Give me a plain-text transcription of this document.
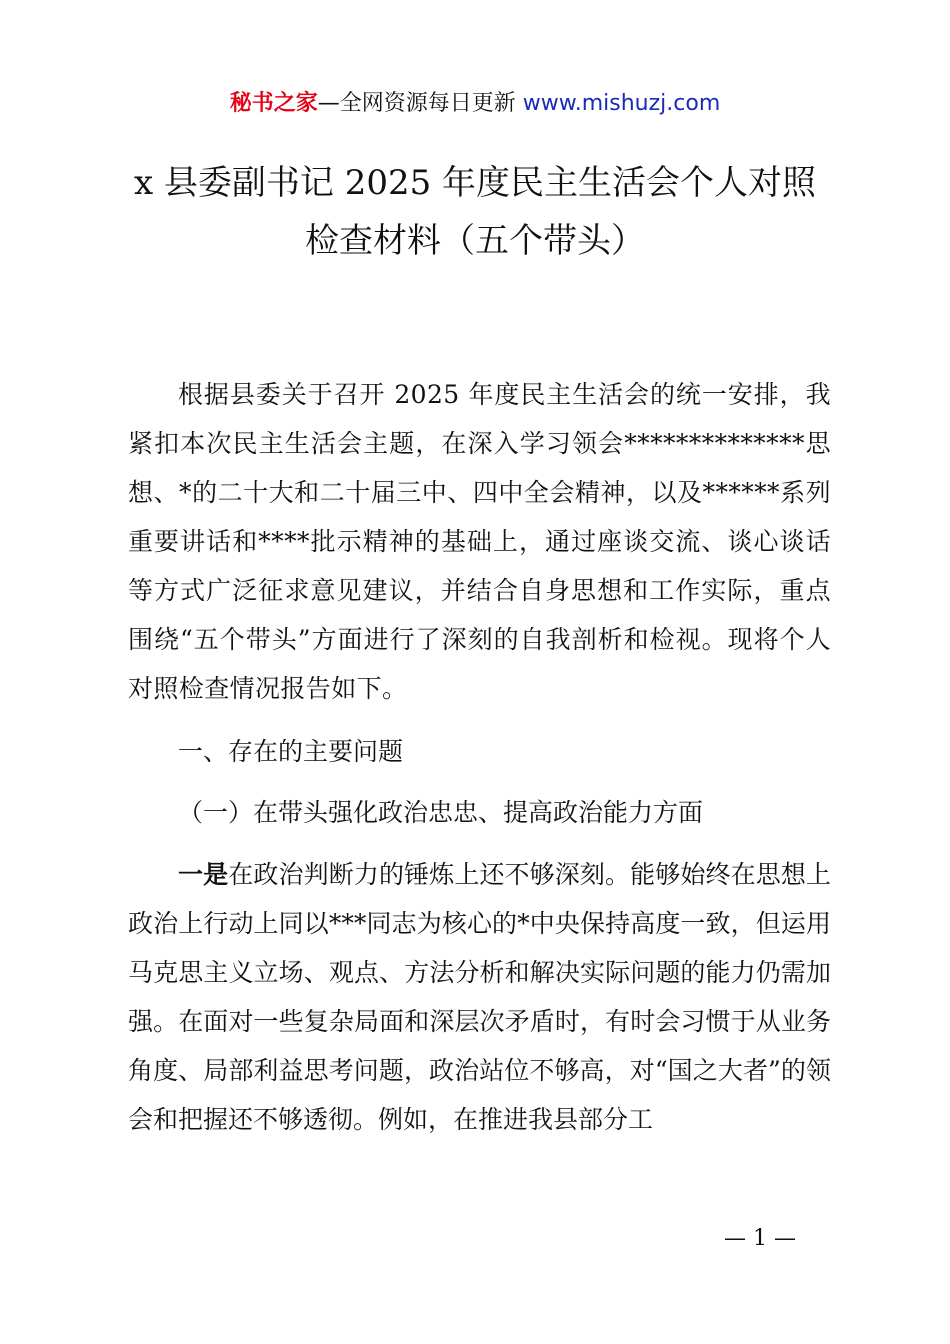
秘书之家—全网资源每日更新 www.mishuzj.com
x 县委副书记 2025 年度民主生活会个人对照
检查材料（五个带头）

根据县委关于召开 2025 年度民主生活会的统一安排，我紧扣本次民主生活会主题，在深入学习领会**************思想、*的二十大和二十届三中、四中全会精神，以及******系列重要讲话和****批示精神的基础上，通过座谈交流、谈心谈话等方式广泛征求意见建议，并结合自身思想和工作实际，重点围绕“五个带头”方面进行了深刻的自我剖析和检视。现将个人对照检查情况报告如下。

一、存在的主要问题

（一）在带头强化政治忠忠、提高政治能力方面

一是在政治判断力的锤炼上还不够深刻。能够始终在思想上政治上行动上同以***同志为核心的*中央保持高度一致，但运用马克思主义立场、观点、方法分析和解决实际问题的能力仍需加强。在面对一些复杂局面和深层次矛盾时，有时会习惯于从业务角度、局部利益思考问题，政治站位不够高，对“国之大者”的领会和把握还不够透彻。例如，在推进我县部分工

— 1 —
